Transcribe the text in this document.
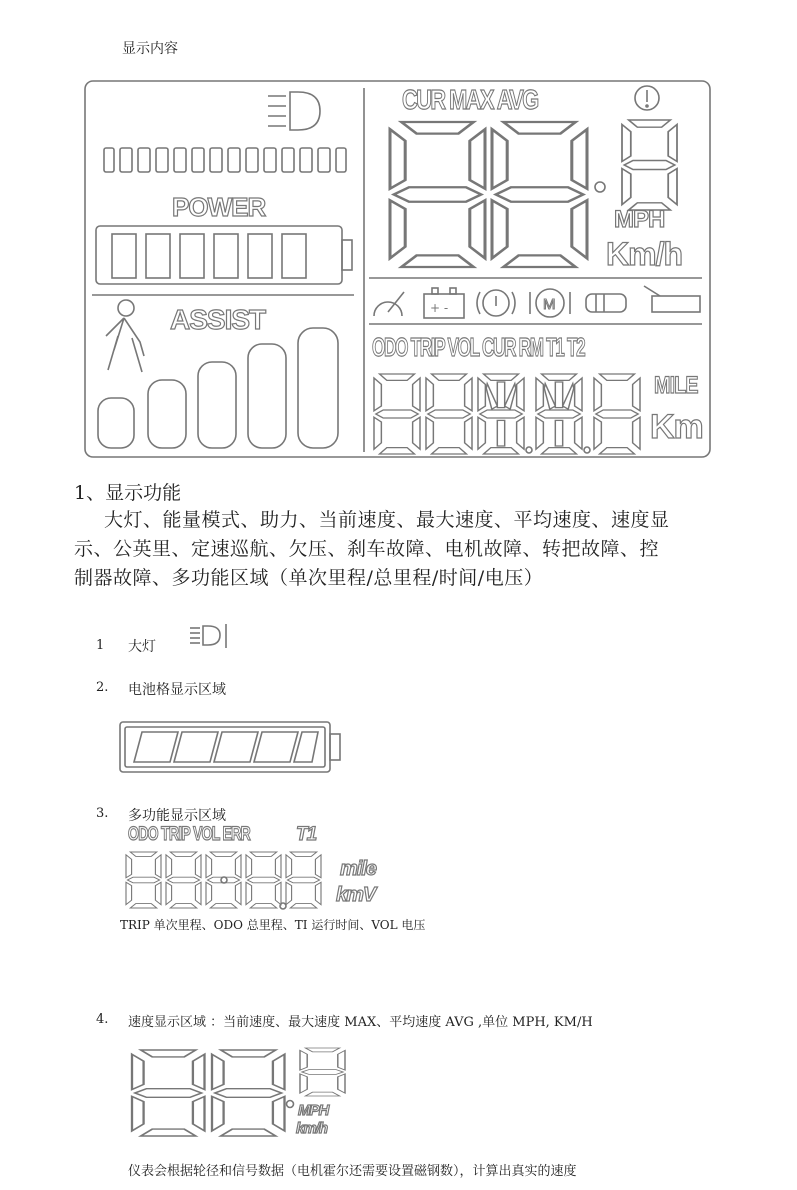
显示内容
+ -	M
POWER
ASSIST
CUR MAX AVG
MPH
Km/h
ODO TRIP VOL CUR RM T1 T2
MILE
Km
1、显示功能
大灯、能量模式、助力、当前速度、最大速度、平均速度、速度显
示、公英里、定速巡航、欠压、刹车故障、电机故障、转把故障、控
制器故障、多功能区域（单次里程/总里程/时间/电压）
1 大灯
2. 电池格显示区域
3. 多功能显示区域
ODO TRIP VOL ERR	T1
mile
kmV
TRIP 单次里程、ODO 总里程、TI 运行时间、VOL 电压
4. 速度显示区域 ：当前速度、最大速度 MAX、平均速度 AVG ,单位 MPH, KM/H
MPH
km/h
仪表会根据轮径和信号数据（电机霍尔还需要设置磁钢数），计算出真实的速度
